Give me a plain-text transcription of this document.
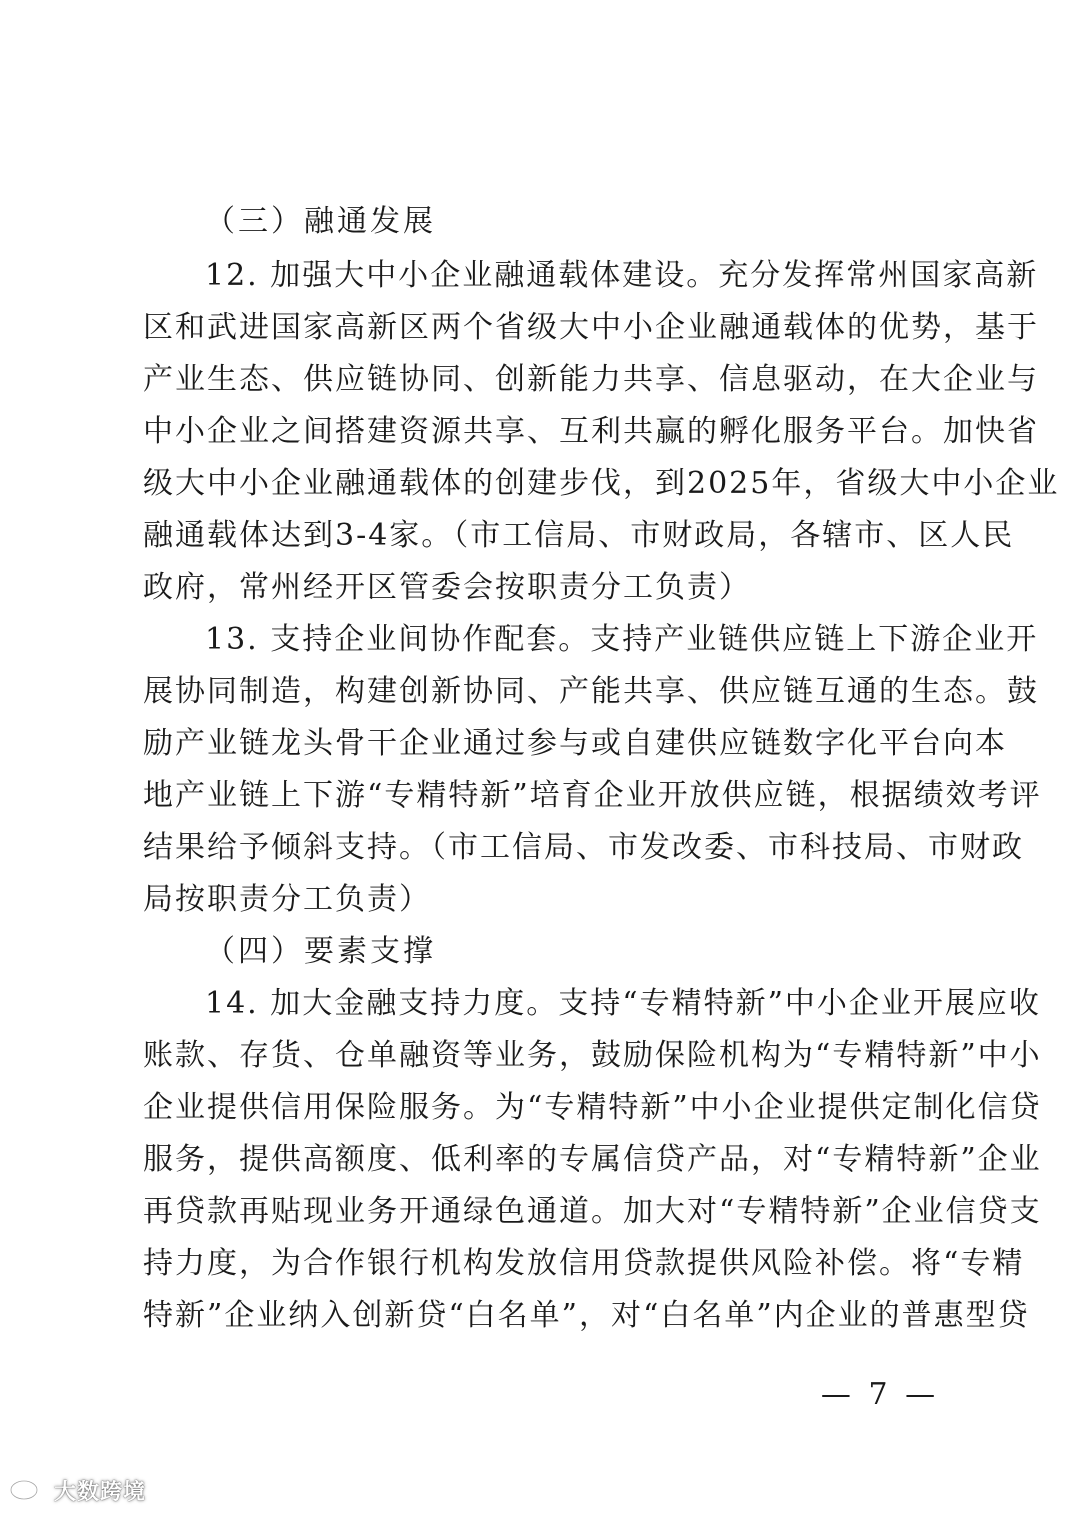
（三）融通发展
12. 加强大中小企业融通载体建设。充分发挥常州国家高新
区和武进国家高新区两个省级大中小企业融通载体的优势，基于
产业生态、供应链协同、创新能力共享、信息驱动，在大企业与
中小企业之间搭建资源共享、互利共赢的孵化服务平台。加快省
级大中小企业融通载体的创建步伐，到2025年，省级大中小企业
融通载体达到3-4家。（市工信局、市财政局，各辖市、区人民
政府，常州经开区管委会按职责分工负责）
13. 支持企业间协作配套。支持产业链供应链上下游企业开
展协同制造，构建创新协同、产能共享、供应链互通的生态。鼓
励产业链龙头骨干企业通过参与或自建供应链数字化平台向本
地产业链上下游“专精特新”培育企业开放供应链，根据绩效考评
结果给予倾斜支持。（市工信局、市发改委、市科技局、市财政
局按职责分工负责）
（四）要素支撑
14. 加大金融支持力度。支持“专精特新”中小企业开展应收
账款、存货、仓单融资等业务，鼓励保险机构为“专精特新”中小
企业提供信用保险服务。为“专精特新”中小企业提供定制化信贷
服务，提供高额度、低利率的专属信贷产品，对“专精特新”企业
再贷款再贴现业务开通绿色通道。加大对“专精特新”企业信贷支
持力度，为合作银行机构发放信用贷款提供风险补偿。将“专精
特新”企业纳入创新贷“白名单”，对“白名单”内企业的普惠型贷
— 7 —
大数跨境
